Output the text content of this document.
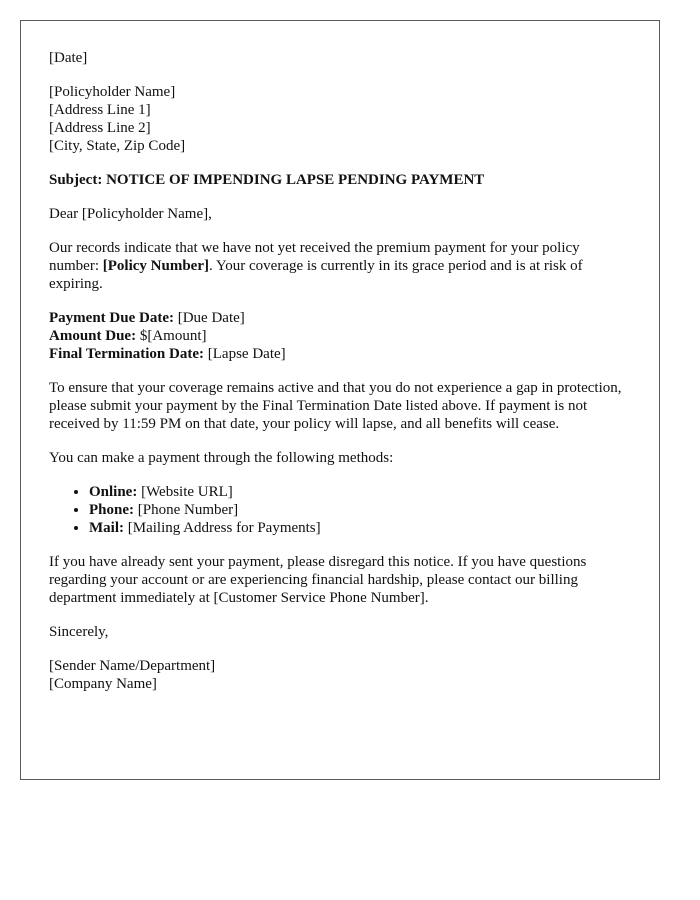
[Date]
[Policyholder Name]
[Address Line 1]
[Address Line 2]
[City, State, Zip Code]
Subject: NOTICE OF IMPENDING LAPSE PENDING PAYMENT
Dear [Policyholder Name],
Our records indicate that we have not yet received the premium payment for your policy number: [Policy Number]. Your coverage is currently in its grace period and is at risk of expiring.
Payment Due Date: [Due Date]
Amount Due: $[Amount]
Final Termination Date: [Lapse Date]
To ensure that your coverage remains active and that you do not experience a gap in protection, please submit your payment by the Final Termination Date listed above. If payment is not received by 11:59 PM on that date, your policy will lapse, and all benefits will cease.
You can make a payment through the following methods:
• Online: [Website URL]
• Phone: [Phone Number]
• Mail: [Mailing Address for Payments]
If you have already sent your payment, please disregard this notice. If you have questions regarding your account or are experiencing financial hardship, please contact our billing department immediately at [Customer Service Phone Number].
Sincerely,
[Sender Name/Department]
[Company Name]
